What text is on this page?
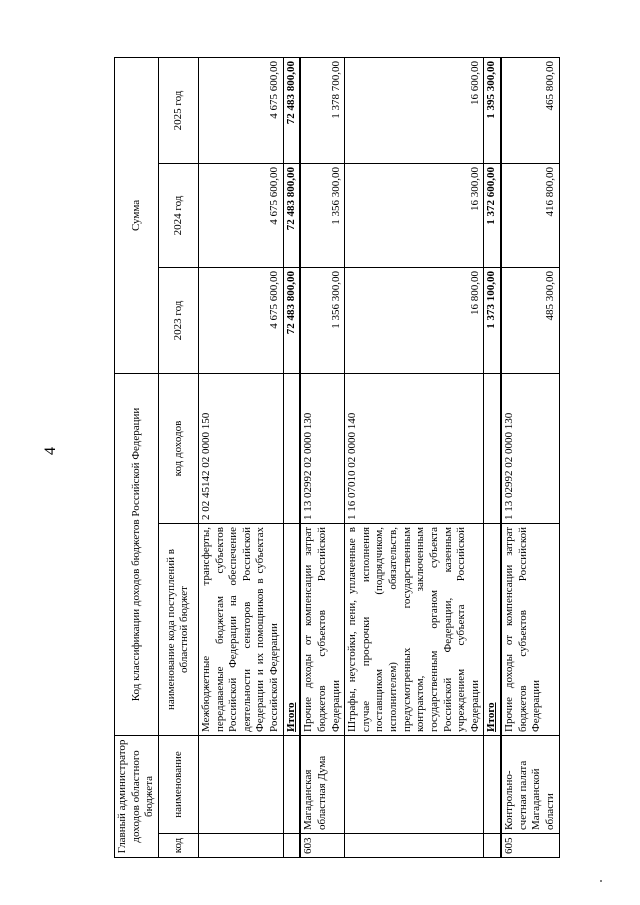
4
Главный администратор доходов областного бюджета		Код классификации доходов бюджетов Российской Федерации		Сумма		
код	наименование	наименование кода поступлений в областной бюджет	код доходов	2023 год	2024 год	2025 год
		Межбюджетные трансферты, передаваемые бюджетам субъектов Российской Федерации на обеспечение деятельности сенаторов Российской Федерации и их помощников в субъектах Российской Федерации	2 02 45142 02 0000 150	4 675 600,00	4 675 600,00	4 675 600,00
		Итого		72 483 800,00	72 483 800,00	72 483 800,00
603	Магаданская областная Дума	Прочие доходы от компенсации затрат бюджетов субъектов Российской Федерации	1 13 02992 02 0000 130	1 356 300,00	1 356 300,00	1 378 700,00
		Штрафы, неустойки, пени, уплаченные в случае просрочки исполнения поставщиком (подрядчиком, исполнителем) обязательств, предусмотренных государственным контрактом, заключенным государственным органом субъекта Российской Федерации, казенным учреждением субъекта Российской Федерации	1 16 07010 02 0000 140	16 800,00	16 300,00	16 600,00
		Итого		1 373 100,00	1 372 600,00	1 395 300,00
605	Контрольно-счетная палата Магаданской области	Прочие доходы от компенсации затрат бюджетов субъектов Российской Федерации	1 13 02992 02 0000 130	485 300,00	416 800,00	465 800,00
